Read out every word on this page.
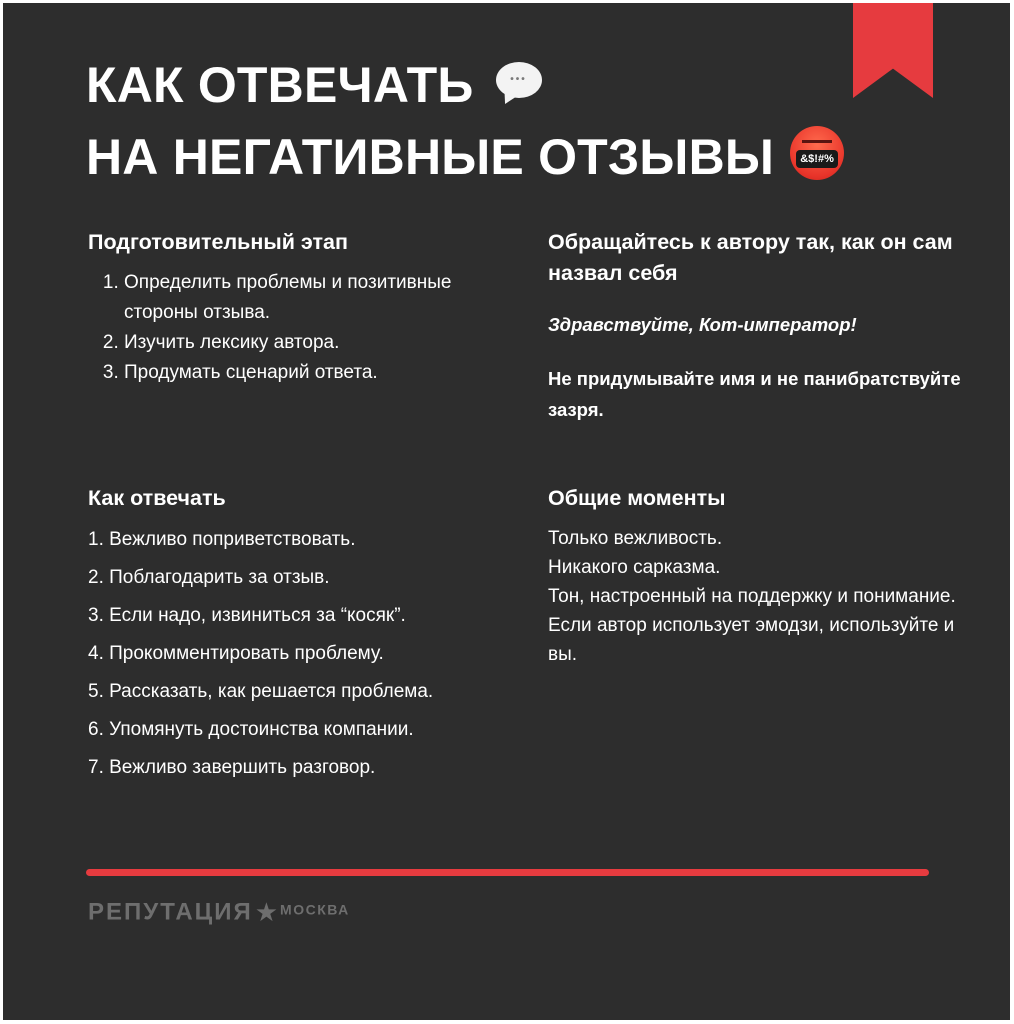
КАК ОТВЕЧАТЬ	•••
НА НЕГАТИВНЫЕ ОТЗЫВЫ	&$!#%
Подготовительный этап
1. Определить проблемы и позитивные стороны отзыва.
2. Изучить лексику автора.
3. Продумать сценарий ответа.
Обращайтесь к автору так, как он сам назвал себя

Здравствуйте, Кот-император!

Не придумывайте имя и не панибратствуйте зазря.

Как отвечать
1. Вежливо поприветствовать.
2. Поблагодарить за отзыв.
3. Если надо, извиниться за “косяк”.
4. Прокомментировать проблему.
5. Рассказать, как решается проблема.
6. Упомянуть достоинства компании.
7. Вежливо завершить разговор.
Общие моменты
Только вежливость.
Никакого сарказма.
Тон, настроенный на поддержку и понимание.
Если автор использует эмодзи, используйте и вы.
РЕПУТАЦИЯ★ МОСКВА
